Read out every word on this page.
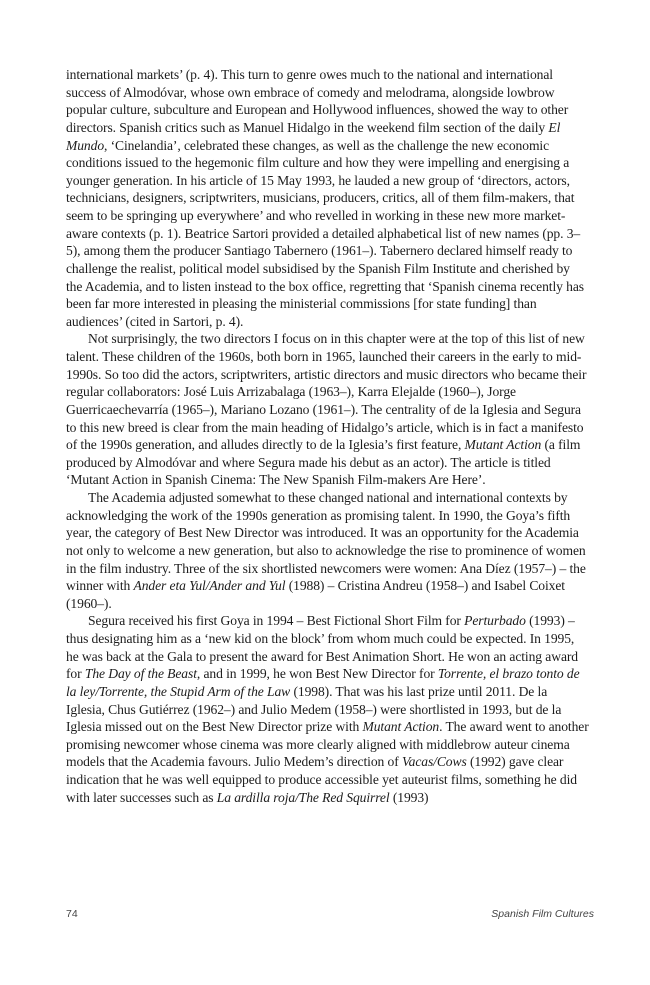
international markets’ (p. 4). This turn to genre owes much to the national and international success of Almodóvar, whose own embrace of comedy and melodrama, alongside lowbrow popular culture, subculture and European and Hollywood influences, showed the way to other directors. Spanish critics such as Manuel Hidalgo in the weekend film section of the daily El Mundo, ‘Cinelandia’, celebrated these changes, as well as the challenge the new economic conditions issued to the hegemonic film culture and how they were impelling and energising a younger generation. In his article of 15 May 1993, he lauded a new group of ‘directors, actors, technicians, designers, scriptwriters, musicians, producers, critics, all of them film-makers, that seem to be springing up everywhere’ and who revelled in working in these new more market-aware contexts (p. 1). Beatrice Sartori provided a detailed alphabetical list of new names (pp. 3–5), among them the producer Santiago Tabernero (1961–). Tabernero declared himself ready to challenge the realist, political model subsidised by the Spanish Film Institute and cherished by the Academia, and to listen instead to the box office, regretting that ‘Spanish cinema recently has been far more interested in pleasing the ministerial commissions [for state funding] than audiences’ (cited in Sartori, p. 4).

Not surprisingly, the two directors I focus on in this chapter were at the top of this list of new talent. These children of the 1960s, both born in 1965, launched their careers in the early to mid-1990s. So too did the actors, scriptwriters, artistic directors and music directors who became their regular collaborators: José Luis Arrizabalaga (1963–), Karra Elejalde (1960–), Jorge Guerricaechevarría (1965–), Mariano Lozano (1961–). The centrality of de la Iglesia and Segura to this new breed is clear from the main heading of Hidalgo’s article, which is in fact a manifesto of the 1990s generation, and alludes directly to de la Iglesia’s first feature, Mutant Action (a film produced by Almodóvar and where Segura made his debut as an actor). The article is titled ‘Mutant Action in Spanish Cinema: The New Spanish Film-makers Are Here’.

The Academia adjusted somewhat to these changed national and international contexts by acknowledging the work of the 1990s generation as promising talent. In 1990, the Goya’s fifth year, the category of Best New Director was introduced. It was an opportunity for the Academia not only to welcome a new generation, but also to acknowledge the rise to prominence of women in the film industry. Three of the six shortlisted newcomers were women: Ana Díez (1957–) – the winner with Ander eta Yul/Ander and Yul (1988) – Cristina Andreu (1958–) and Isabel Coixet (1960–).

Segura received his first Goya in 1994 – Best Fictional Short Film for Perturbado (1993) – thus designating him as a ‘new kid on the block’ from whom much could be expected. In 1995, he was back at the Gala to present the award for Best Animation Short. He won an acting award for The Day of the Beast, and in 1999, he won Best New Director for Torrente, el brazo tonto de la ley/Torrente, the Stupid Arm of the Law (1998). That was his last prize until 2011. De la Iglesia, Chus Gutiérrez (1962–) and Julio Medem (1958–) were shortlisted in 1993, but de la Iglesia missed out on the Best New Director prize with Mutant Action. The award went to another promising newcomer whose cinema was more clearly aligned with middlebrow auteur cinema models that the Academia favours. Julio Medem’s direction of Vacas/Cows (1992) gave clear indication that he was well equipped to produce accessible yet auteurist films, something he did with later successes such as La ardilla roja/The Red Squirrel (1993)

74	Spanish Film Cultures
